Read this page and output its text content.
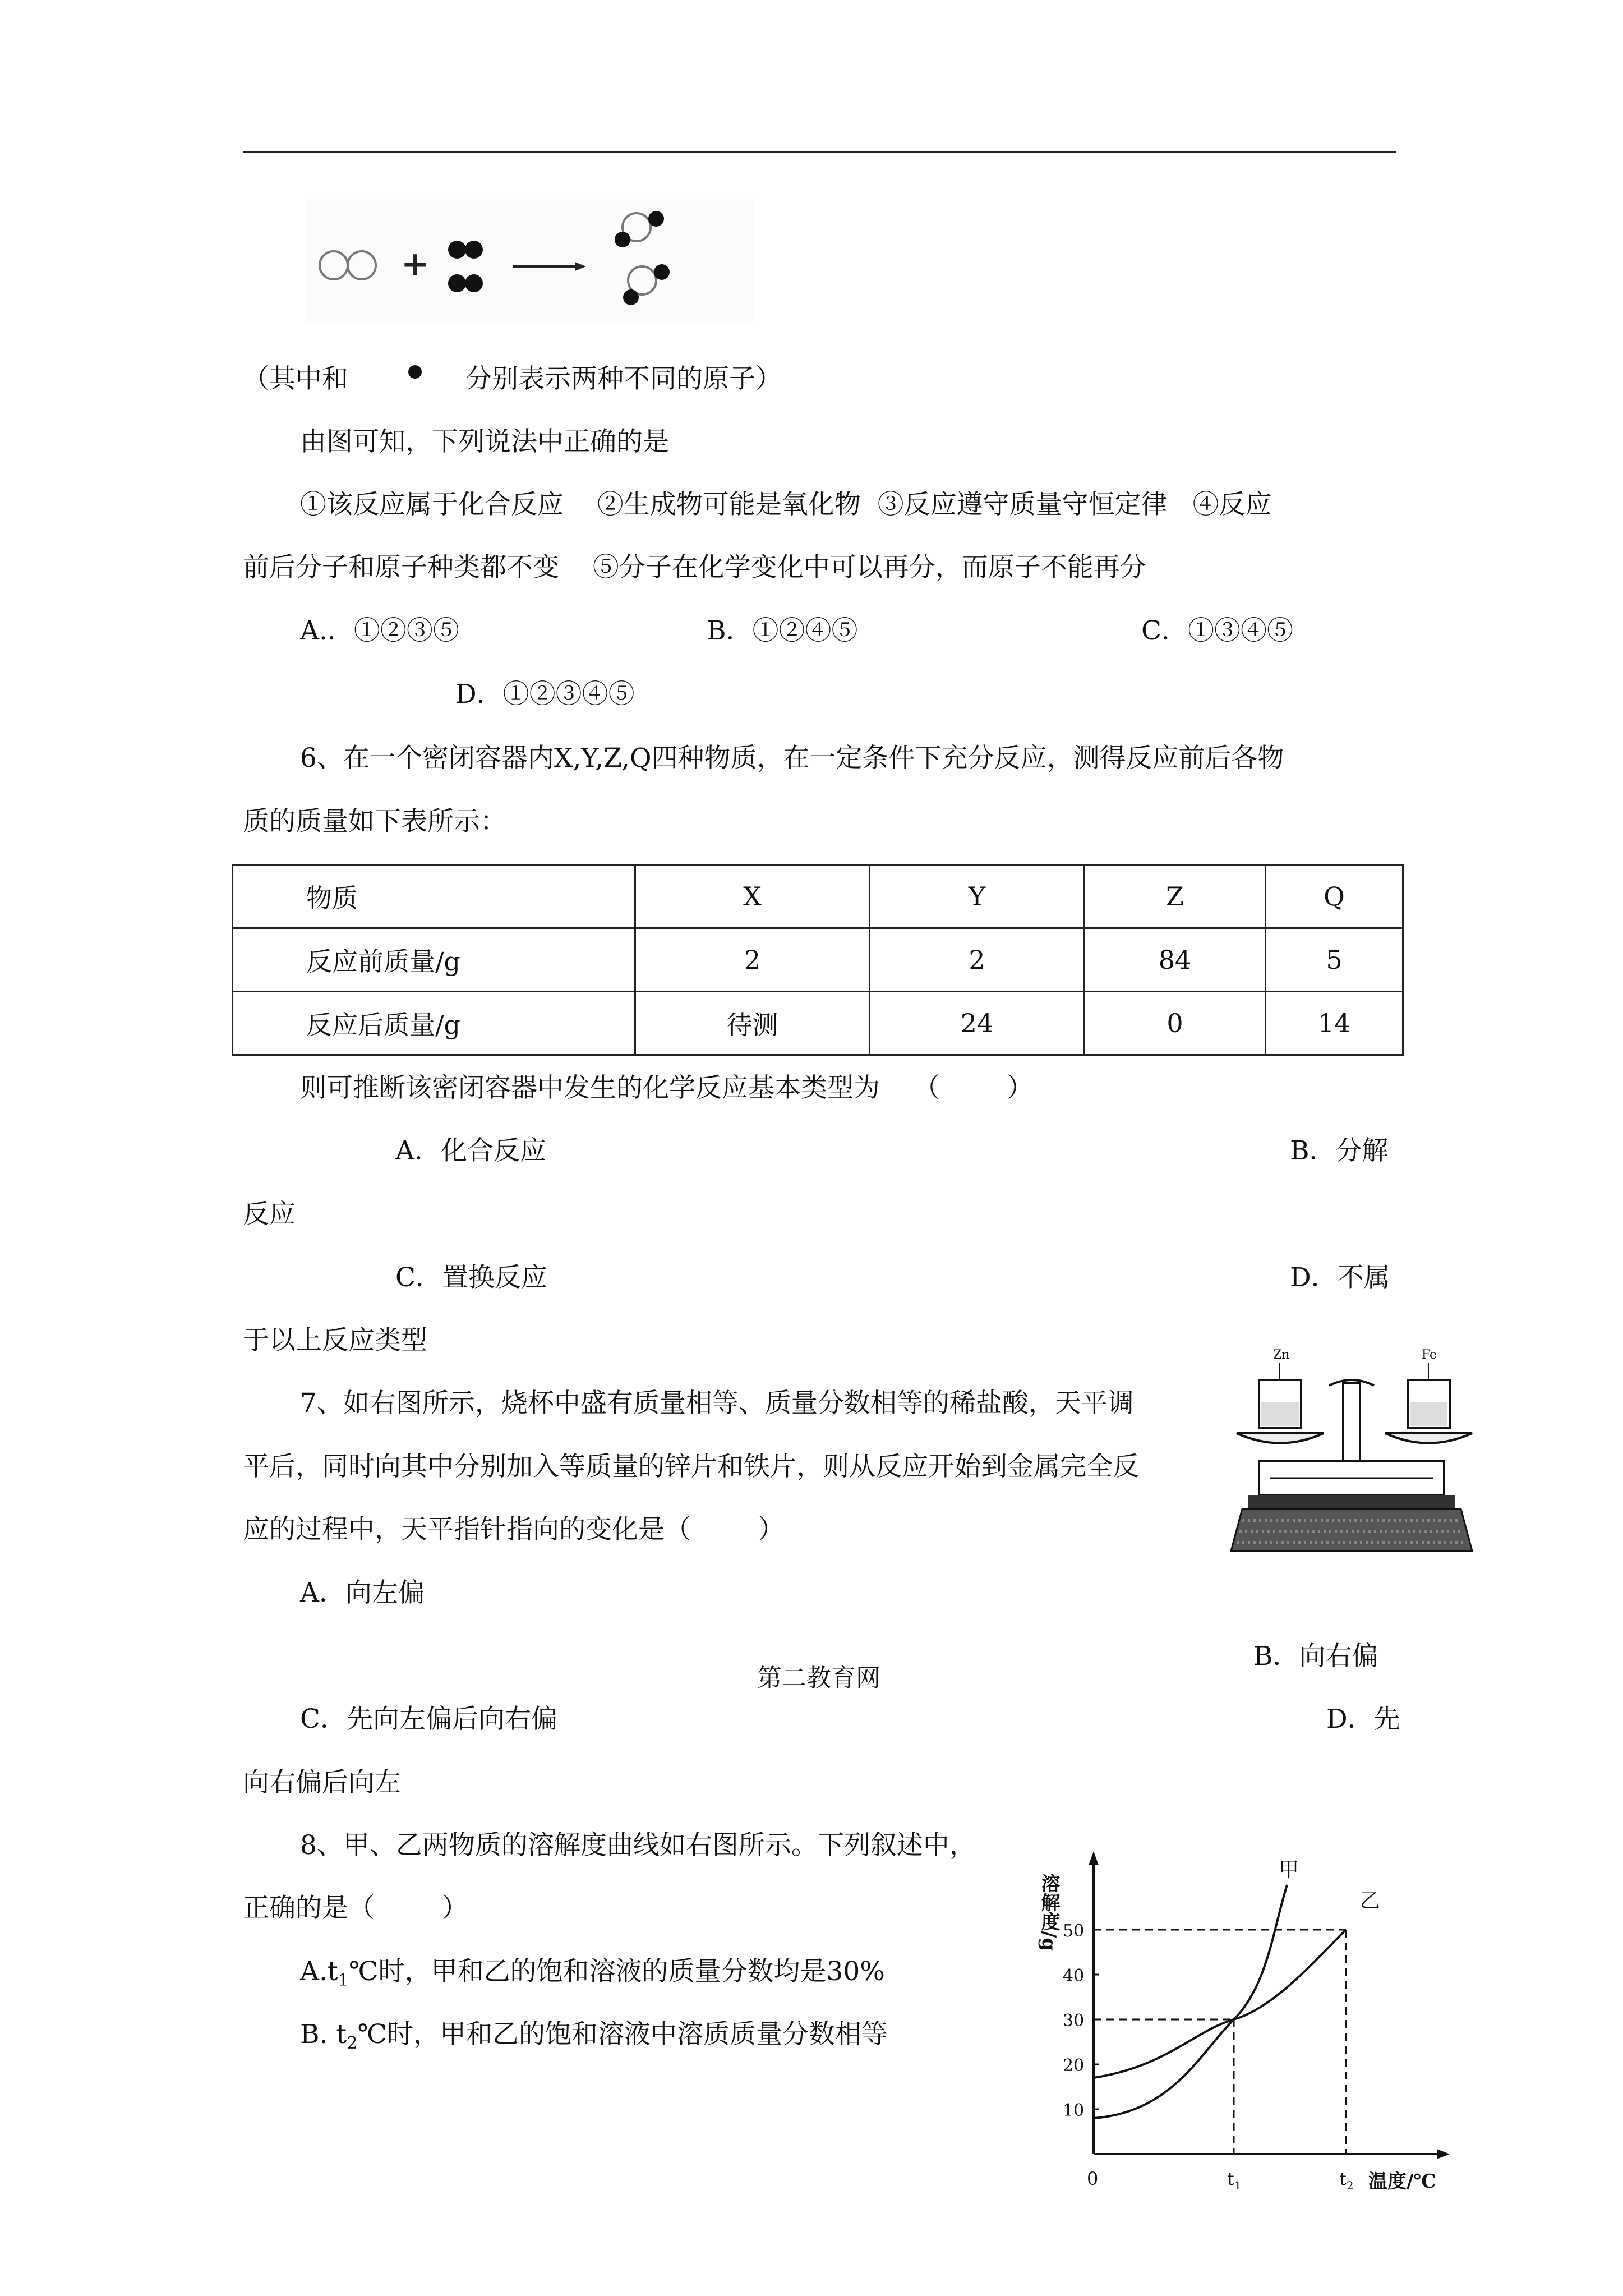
+
（其中和	分别表示两种不同的原子）
由图可知，下列说法中正确的是
①该反应属于化合反应    ②生成物可能是氧化物  ③反应遵守质量守恒定律   ④反应
前后分子和原子种类都不变    ⑤分子在化学变化中可以再分，而原子不能再分
A.．①②③⑤	B．①②④⑤	C．①③④⑤
D．①②③④⑤
6、在一个密闭容器内X,Y,Z,Q四种物质，在一定条件下充分反应，测得反应前后各物
质的质量如下表所示：
物质	X	Y	Z	Q
反应前质量/g	2	2	84	5
反应后质量/g	待测	24	0	14
则可推断该密闭容器中发生的化学反应基本类型为    （        ）
A．化合反应	B．分解
反应
C．置换反应	D．不属
于以上反应类型
7、如右图所示，烧杯中盛有质量相等、质量分数相等的稀盐酸，天平调
平后，同时向其中分别加入等质量的锌片和铁片，则从反应开始到金属完全反
应的过程中，天平指针指向的变化是（        ）
Zn	Fe
A．向左偏
B．向右偏
C．先向左偏后向右偏	D．先
向右偏后向左
8、甲、乙两物质的溶解度曲线如右图所示。下列叙述中，
正确的是（        ）
$A.t_1℃$时，甲和乙的饱和溶液的质量分数均是30%
B. $t_2℃$时，甲和乙的饱和溶液中溶质质量分数相等
溶解度/g
温度/℃
10
20
30
40
50
0	$t_1$	$t_2$
甲
乙
第二教育网
